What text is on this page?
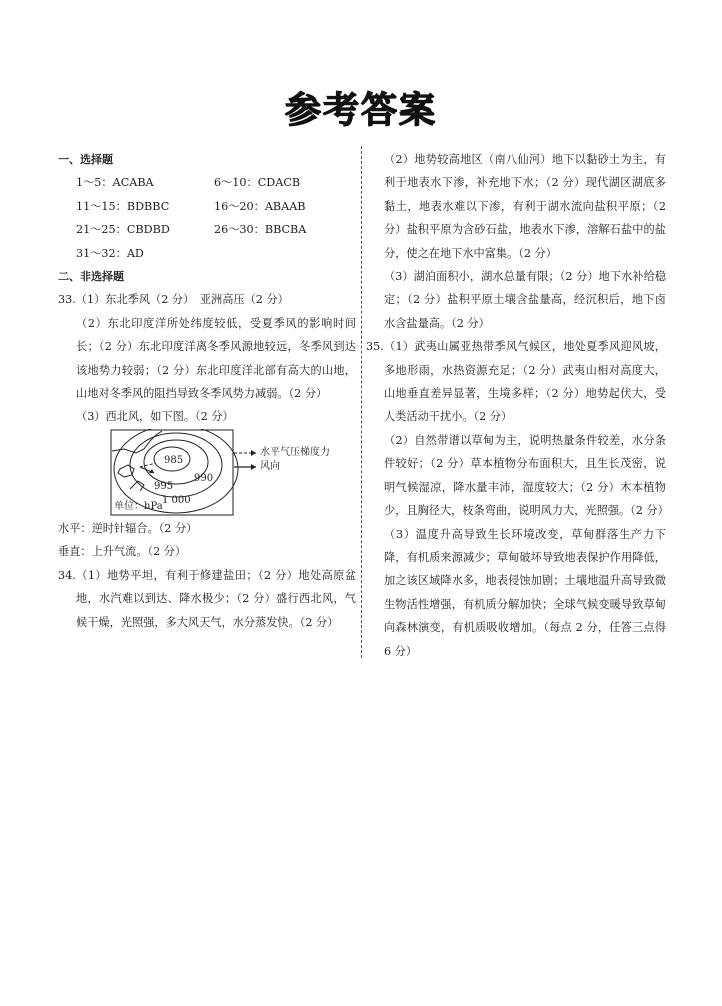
参考答案
一、选择题
1～5：ACABA	6～10：CDACB
11～15：BDBBC	16～20：ABAAB
21～25：CBDBD	26～30：BBCBA
31～32：AD
二、非选择题

33.（1）东北季风（2 分）　亚洲高压（2 分）

（2）东北印度洋所处纬度较低，受夏季风的影响时间长；（2 分）东北印度洋离冬季风源地较远，冬季风到达该地势力较弱；（2 分）东北印度洋北部有高大的山地，山地对冬季风的阻挡导致冬季风势力减弱。（2 分）

（3）西北风，如下图。（2 分）

985
990
995
1 000
单位：hPa
水平气压梯度力
风向

水平：逆时针辐合。（2 分）

垂直：上升气流。（2 分）

34.（1）地势平坦，有利于修建盐田；（2 分）地处高原盆地，水汽难以到达、降水极少；（2 分）盛行西北风，气候干燥，光照强，多大风天气，水分蒸发快。（2 分）

（2）地势较高地区（南八仙河）地下以黏砂土为主，有利于地表水下渗，补充地下水；（2 分）现代湖区湖底多黏土，地表水难以下渗，有利于湖水流向盐积平原；（2 分）盐积平原为含砂石盐，地表水下渗，溶解石盐中的盐分，使之在地下水中富集。（2 分）

（3）湖泊面积小，湖水总量有限；（2 分）地下水补给稳定；（2 分）盐积平原土壤含盐量高，经沉积后，地下卤水含盐量高。（2 分）

35.（1）武夷山属亚热带季风气候区，地处夏季风迎风坡，多地形雨，水热资源充足；（2 分）武夷山相对高度大，山地垂直差异显著，生境多样；（2 分）地势起伏大，受人类活动干扰小。（2 分）

（2）自然带谱以草甸为主，说明热量条件较差，水分条件较好；（2 分）草本植物分布面积大，且生长茂密，说明气候湿凉，降水量丰沛，湿度较大；（2 分）木本植物少，且胸径大，枝条弯曲，说明风力大，光照强。（2 分）

（3）温度升高导致生长环境改变，草甸群落生产力下降，有机质来源减少；草甸破坏导致地表保护作用降低，加之该区域降水多，地表侵蚀加剧；土壤地温升高导致微生物活性增强，有机质分解加快；全球气候变暖导致草甸向森林演变，有机质吸收增加。（每点 2 分，任答三点得 6 分）
